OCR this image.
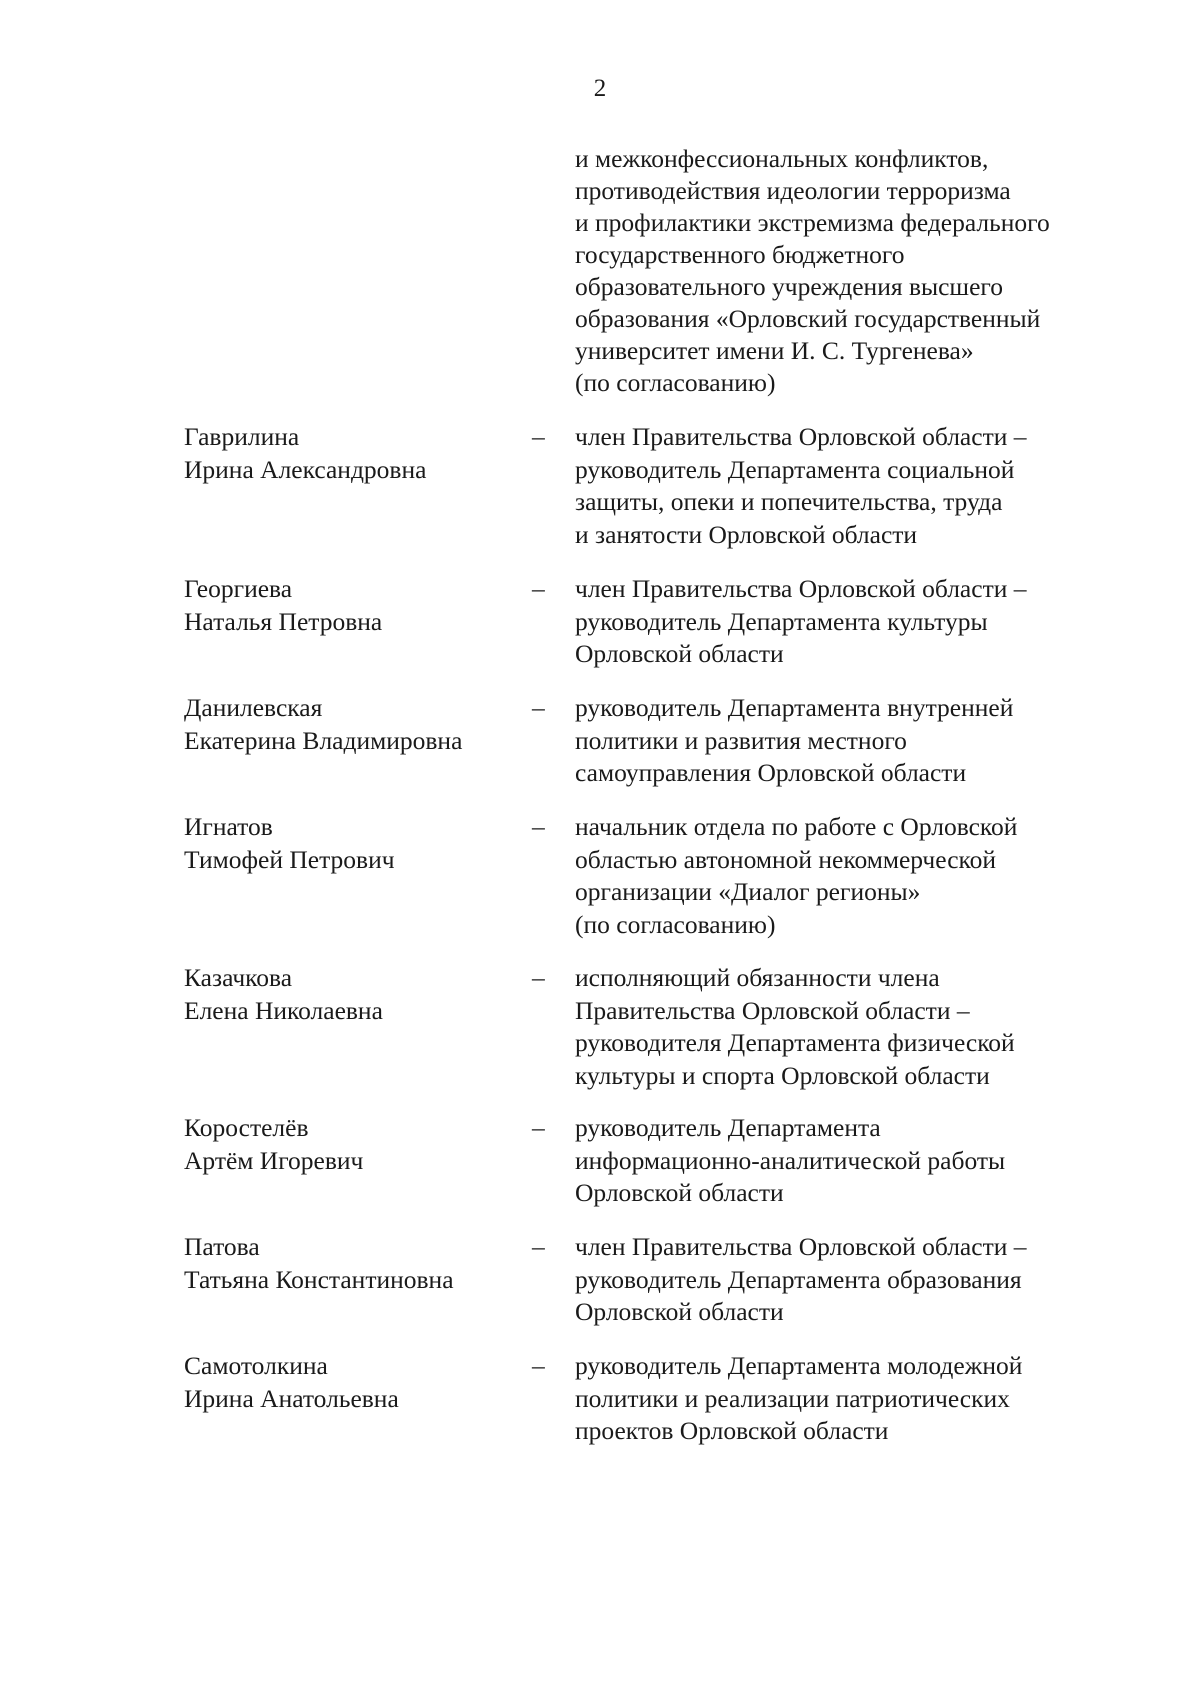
2
и межконфессиональных конфликтов,
противодействия идеологии терроризма
и профилактики экстремизма федерального
государственного бюджетного
образовательного учреждения высшего
образования «Орловский государственный
университет имени И. С. Тургенева»
(по согласованию)
Гаврилина
Ирина Александровна
– член Правительства Орловской области –
руководитель Департамента социальной
защиты, опеки и попечительства, труда
и занятости Орловской области
Георгиева
Наталья Петровна
– член Правительства Орловской области –
руководитель Департамента культуры
Орловской области
Данилевская
Екатерина Владимировна
– руководитель Департамента внутренней
политики и развития местного
самоуправления Орловской области
Игнатов
Тимофей Петрович
– начальник отдела по работе с Орловской
областью автономной некоммерческой
организации «Диалог регионы»
(по согласованию)
Казачкова
Елена Николаевна
– исполняющий обязанности члена
Правительства Орловской области –
руководителя Департамента физической
культуры и спорта Орловской области
Коростелёв
Артём Игоревич
– руководитель Департамента
информационно-аналитической работы
Орловской области
Патова
Татьяна Константиновна
– член Правительства Орловской области –
руководитель Департамента образования
Орловской области
Самотолкина
Ирина Анатольевна
– руководитель Департамента молодежной
политики и реализации патриотических
проектов Орловской области
